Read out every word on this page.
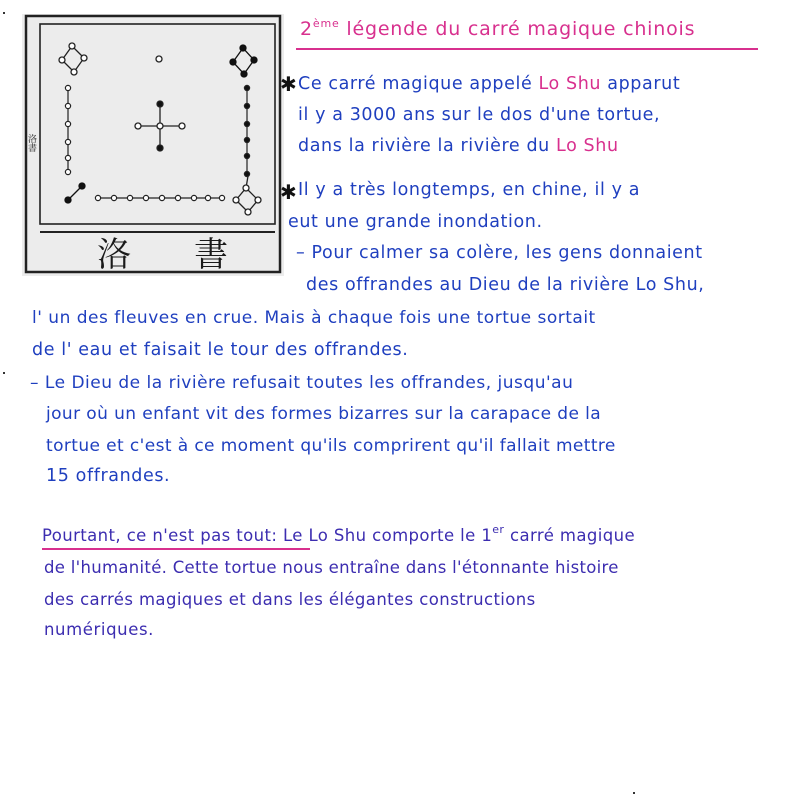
2ème légende du carré magique chinois
洛書
洛 書
✱ Ce carré magique appelé Lo Shu apparut
il y a 3000 ans sur le dos d'une tortue,
dans la rivière la rivière du Lo Shu
✱ Il y a très longtemps, en chine, il y a
eut une grande inondation.
– Pour calmer sa colère, les gens donnaient
des offrandes au Dieu de la rivière Lo Shu,
l' un des fleuves en crue. Mais à chaque fois une tortue sortait
de l' eau et faisait le tour des offrandes.
– Le Dieu de la rivière refusait toutes les offrandes, jusqu'au
jour où un enfant vit des formes bizarres sur la carapace de la
tortue et c'est à ce moment qu'ils comprirent qu'il fallait mettre
15 offrandes.
Pourtant, ce n'est pas tout: Le Lo Shu comporte le 1er carré magique
de l'humanité. Cette tortue nous entraîne dans l'étonnante histoire
des carrés magiques et dans les élégantes constructions
numériques.
